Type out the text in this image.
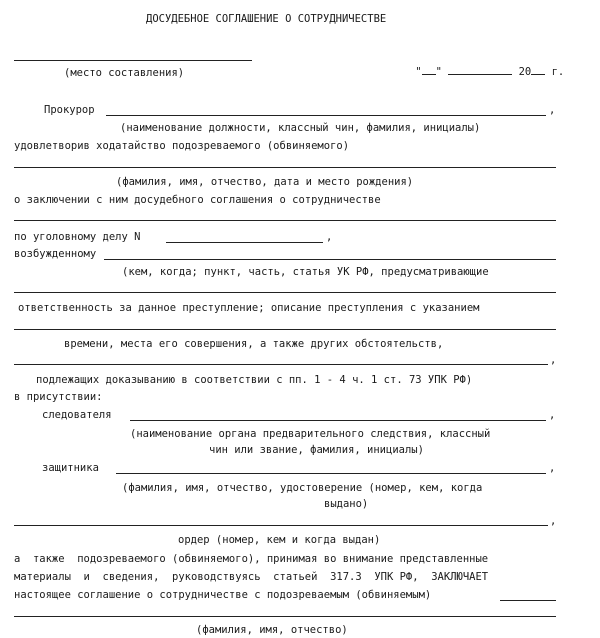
ДОСУДЕБНОЕ СОГЛАШЕНИЕ О СОТРУДНИЧЕСТВЕ

" "	20 г.

(место составления)
Прокурор	,
(наименование должности, классный чин, фамилия, инициалы)
удовлетворив ходатайство подозреваемого (обвиняемого)
(фамилия, имя, отчество, дата и место рождения)
о заключении с ним досудебного соглашения о сотрудничестве
по уголовному делу N	,
возбужденному
(кем, когда; пункт, часть, статья УК РФ, предусматривающие
ответственность за данное преступление; описание преступления с указанием
времени, места его совершения, а также других обстоятельств,
,
подлежащих доказыванию в соответствии с пп. 1 - 4 ч. 1 ст. 73 УПК РФ)
в присутствии:
следователя	,
(наименование органа предварительного следствия, классный
чин или звание, фамилия, инициалы)
защитника	,
(фамилия, имя, отчество, удостоверение (номер, кем, когда
выдано)
,
ордер (номер, кем и когда выдан)
а  также  подозреваемого (обвиняемого), принимая во внимание представленные
материалы  и  сведения,  руководствуясь  статьей  317.3  УПК РФ,  ЗАКЛЮЧАЕТ
настоящее соглашение о сотрудничестве с подозреваемым (обвиняемым)
(фамилия, имя, отчество)
